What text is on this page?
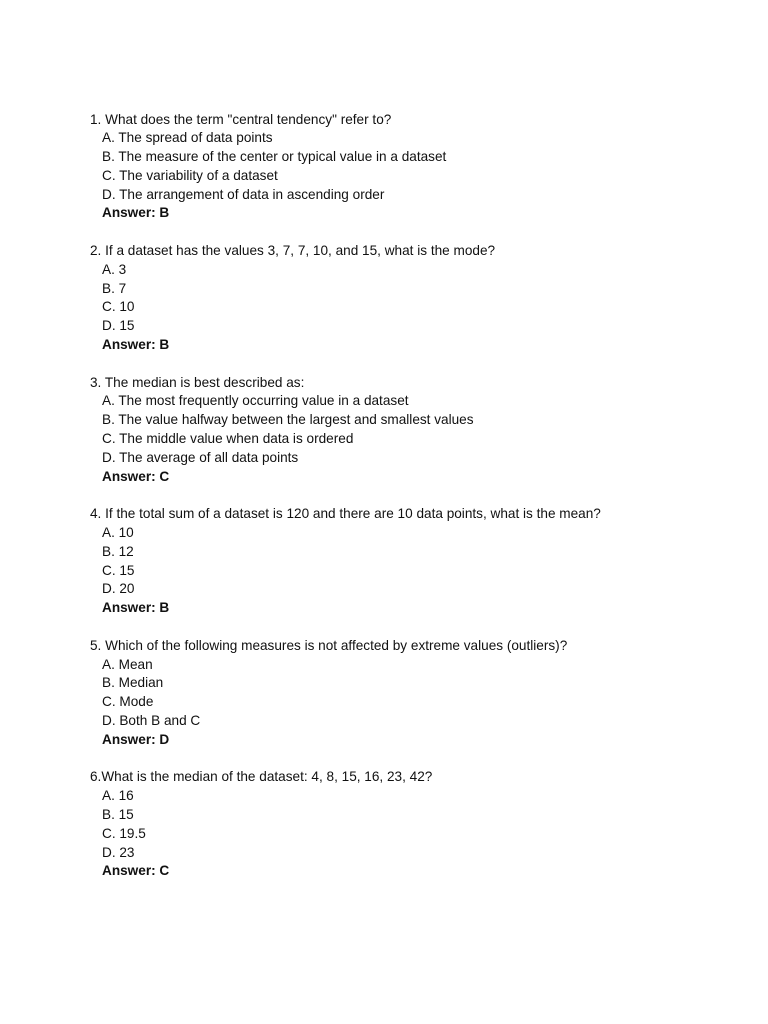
1. What does the term "central tendency" refer to?
A. The spread of data points
B. The measure of the center or typical value in a dataset
C. The variability of a dataset
D. The arrangement of data in ascending order
Answer: B
2. If a dataset has the values 3, 7, 7, 10, and 15, what is the mode?
A. 3
B. 7
C. 10
D. 15
Answer: B
3. The median is best described as:
A. The most frequently occurring value in a dataset
B. The value halfway between the largest and smallest values
C. The middle value when data is ordered
D. The average of all data points
Answer: C
4. If the total sum of a dataset is 120 and there are 10 data points, what is the mean?
A. 10
B. 12
C. 15
D. 20
Answer: B
5. Which of the following measures is not affected by extreme values (outliers)?
A. Mean
B. Median
C. Mode
D. Both B and C
Answer: D
6.What is the median of the dataset: 4, 8, 15, 16, 23, 42?
A. 16
B. 15
C. 19.5
D. 23
Answer: C
